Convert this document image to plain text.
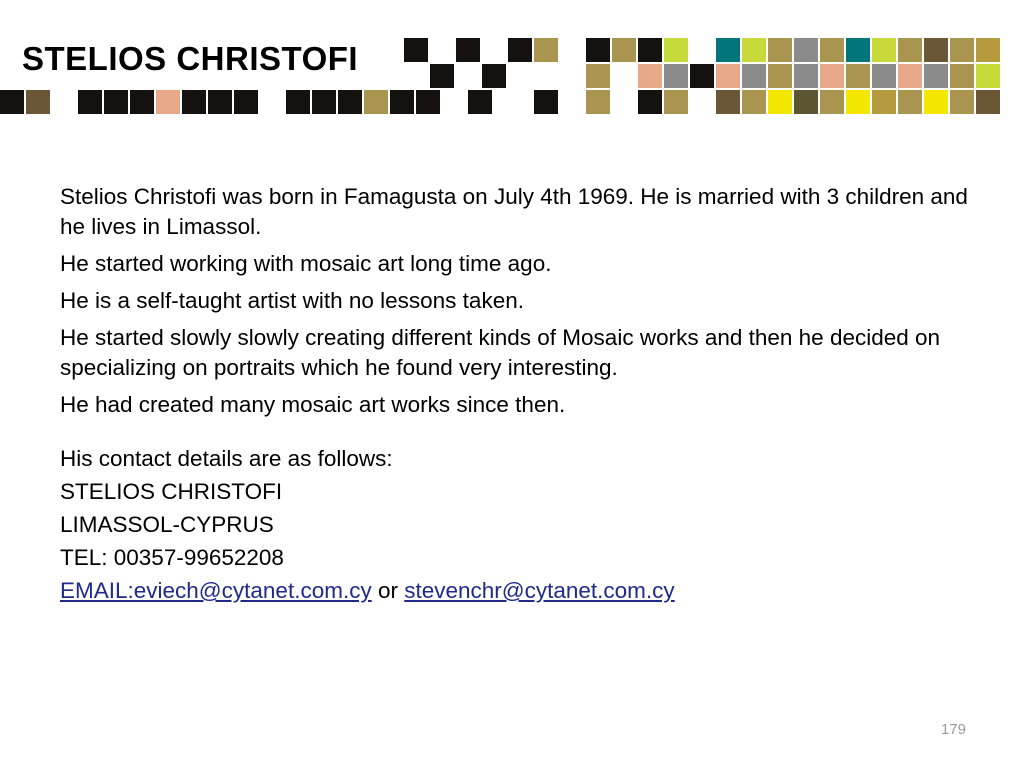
STELIOS CHRISTOFI

Stelios Christofi was born in Famagusta on July 4th 1969. He is married with 3 children and he lives in Limassol.

He started working with mosaic art long time ago.

He is a self-taught artist with no lessons taken.

He started slowly slowly creating different kinds of Mosaic works and then he decided on specializing on portraits which he found very interesting.

He had created many mosaic art works since then.

His contact details are as follows:

STELIOS CHRISTOFI

LIMASSOL-CYPRUS

TEL: 00357-99652208

EMAIL:eviech@cytanet.com.cy or stevenchr@cytanet.com.cy

179
